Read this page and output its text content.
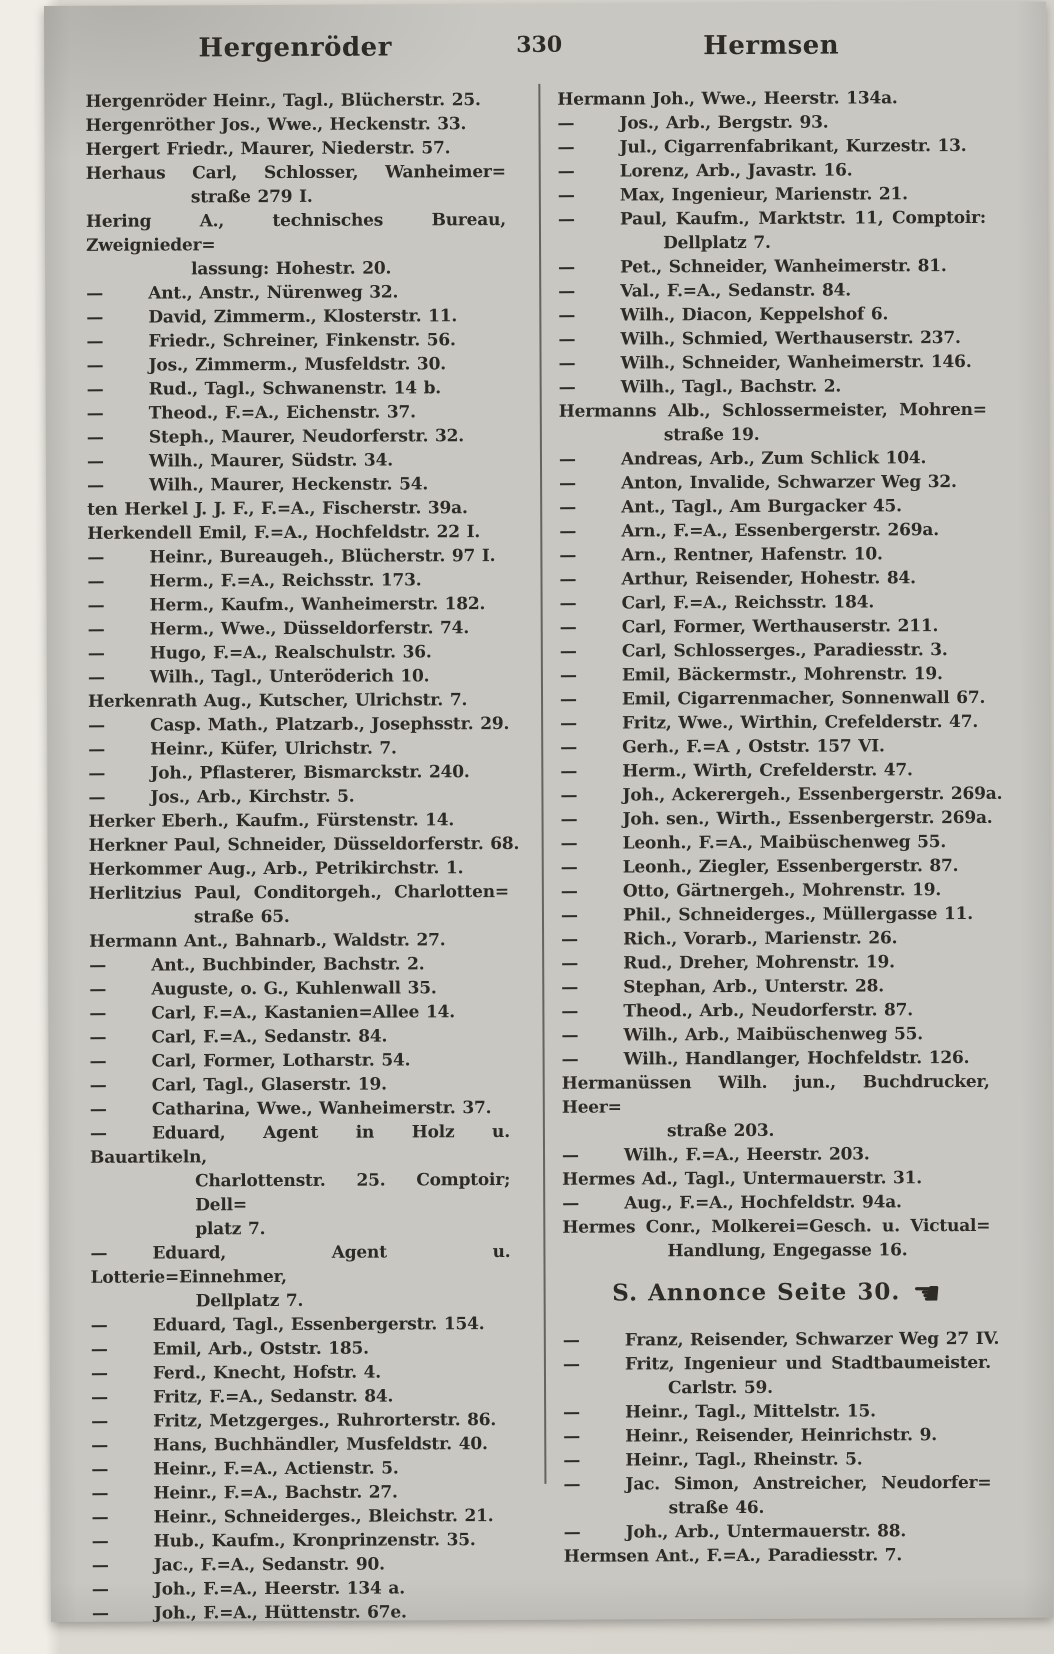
Hergenröder	330	Hermsen
Hergenröder Heinr., Tagl., Blücherstr. 25.
Hergenröther Jos., Wwe., Heckenstr. 33.
Hergert Friedr., Maurer, Niederstr. 57.
Herhaus Carl, Schlosser, Wanheimer=
straße 279 I.
Hering A., technisches Bureau, Zweignieder=
lassung: Hohestr. 20.
—	Ant., Anstr., Nürenweg 32.
—	David, Zimmerm., Klosterstr. 11.
—	Friedr., Schreiner, Finkenstr. 56.
—	Jos., Zimmerm., Musfeldstr. 30.
—	Rud., Tagl., Schwanenstr. 14 b.
—	Theod., F.=A., Eichenstr. 37.
—	Steph., Maurer, Neudorferstr. 32.
—	Wilh., Maurer, Südstr. 34.
—	Wilh., Maurer, Heckenstr. 54.
ten Herkel J. J. F., F.=A., Fischerstr. 39a.
Herkendell Emil, F.=A., Hochfeldstr. 22 I.
—	Heinr., Bureaugeh., Blücherstr. 97 I.
—	Herm., F.=A., Reichsstr. 173.
—	Herm., Kaufm., Wanheimerstr. 182.
—	Herm., Wwe., Düsseldorferstr. 74.
—	Hugo, F.=A., Realschulstr. 36.
—	Wilh., Tagl., Unteröderich 10.
Herkenrath Aug., Kutscher, Ulrichstr. 7.
—	Casp. Math., Platzarb., Josephsstr. 29.
—	Heinr., Küfer, Ulrichstr. 7.
—	Joh., Pflasterer, Bismarckstr. 240.
—	Jos., Arb., Kirchstr. 5.
Herker Eberh., Kaufm., Fürstenstr. 14.
Herkner Paul, Schneider, Düsseldorferstr. 68.
Herkommer Aug., Arb., Petrikirchstr. 1.
Herlitzius Paul, Conditorgeh., Charlotten=
straße 65.
Hermann Ant., Bahnarb., Waldstr. 27.
—	Ant., Buchbinder, Bachstr. 2.
—	Auguste, o. G., Kuhlenwall 35.
—	Carl, F.=A., Kastanien=Allee 14.
—	Carl, F.=A., Sedanstr. 84.
—	Carl, Former, Lotharstr. 54.
—	Carl, Tagl., Glaserstr. 19.
—	Catharina, Wwe., Wanheimerstr. 37.
—	Eduard, Agent in Holz u. Bauartikeln,
Charlottenstr. 25. Comptoir; Dell=
platz 7.
—	Eduard, Agent u. Lotterie=Einnehmer,
Dellplatz 7.
—	Eduard, Tagl., Essenbergerstr. 154.
—	Emil, Arb., Oststr. 185.
—	Ferd., Knecht, Hofstr. 4.
—	Fritz, F.=A., Sedanstr. 84.
—	Fritz, Metzgerges., Ruhrorterstr. 86.
—	Hans, Buchhändler, Musfeldstr. 40.
—	Heinr., F.=A., Actienstr. 5.
—	Heinr., F.=A., Bachstr. 27.
—	Heinr., Schneiderges., Bleichstr. 21.
—	Hub., Kaufm., Kronprinzenstr. 35.
—	Jac., F.=A., Sedanstr. 90.
—	Joh., F.=A., Heerstr. 134 a.
—	Joh., F.=A., Hüttenstr. 67e.
Hermann Joh., Wwe., Heerstr. 134a.
—	Jos., Arb., Bergstr. 93.
—	Jul., Cigarrenfabrikant, Kurzestr. 13.
—	Lorenz, Arb., Javastr. 16.
—	Max, Ingenieur, Marienstr. 21.
—	Paul, Kaufm., Marktstr. 11, Comptoir:
Dellplatz 7.
—	Pet., Schneider, Wanheimerstr. 81.
—	Val., F.=A., Sedanstr. 84.
—	Wilh., Diacon, Keppelshof 6.
—	Wilh., Schmied, Werthauserstr. 237.
—	Wilh., Schneider, Wanheimerstr. 146.
—	Wilh., Tagl., Bachstr. 2.
Hermanns Alb., Schlossermeister, Mohren=
straße 19.
—	Andreas, Arb., Zum Schlick 104.
—	Anton, Invalide, Schwarzer Weg 32.
—	Ant., Tagl., Am Burgacker 45.
—	Arn., F.=A., Essenbergerstr. 269a.
—	Arn., Rentner, Hafenstr. 10.
—	Arthur, Reisender, Hohestr. 84.
—	Carl, F.=A., Reichsstr. 184.
—	Carl, Former, Werthauserstr. 211.
—	Carl, Schlosserges., Paradiesstr. 3.
—	Emil, Bäckermstr., Mohrenstr. 19.
—	Emil, Cigarrenmacher, Sonnenwall 67.
—	Fritz, Wwe., Wirthin, Crefelderstr. 47.
—	Gerh., F.=A , Oststr. 157 VI.
—	Herm., Wirth, Crefelderstr. 47.
—	Joh., Ackerergeh., Essenbergerstr. 269a.
—	Joh. sen., Wirth., Essenbergerstr. 269a.
—	Leonh., F.=A., Maibüschenweg 55.
—	Leonh., Ziegler, Essenbergerstr. 87.
—	Otto, Gärtnergeh., Mohrenstr. 19.
—	Phil., Schneiderges., Müllergasse 11.
—	Rich., Vorarb., Marienstr. 26.
—	Rud., Dreher, Mohrenstr. 19.
—	Stephan, Arb., Unterstr. 28.
—	Theod., Arb., Neudorferstr. 87.
—	Wilh., Arb., Maibüschenweg 55.
—	Wilh., Handlanger, Hochfeldstr. 126.
Hermanüssen Wilh. jun., Buchdrucker, Heer=
straße 203.
—	Wilh., F.=A., Heerstr. 203.
Hermes Ad., Tagl., Untermauerstr. 31.
—	Aug., F.=A., Hochfeldstr. 94a.
Hermes Conr., Molkerei=Gesch. u. Victual=
Handlung, Engegasse 16.
S. Annonce Seite 30. ☚
—	Franz, Reisender, Schwarzer Weg 27 IV.
—	Fritz, Ingenieur und Stadtbaumeister.
Carlstr. 59.
—	Heinr., Tagl., Mittelstr. 15.
—	Heinr., Reisender, Heinrichstr. 9.
—	Heinr., Tagl., Rheinstr. 5.
—	Jac. Simon, Anstreicher, Neudorfer=
straße 46.
—	Joh., Arb., Untermauerstr. 88.
Hermsen Ant., F.=A., Paradiesstr. 7.
